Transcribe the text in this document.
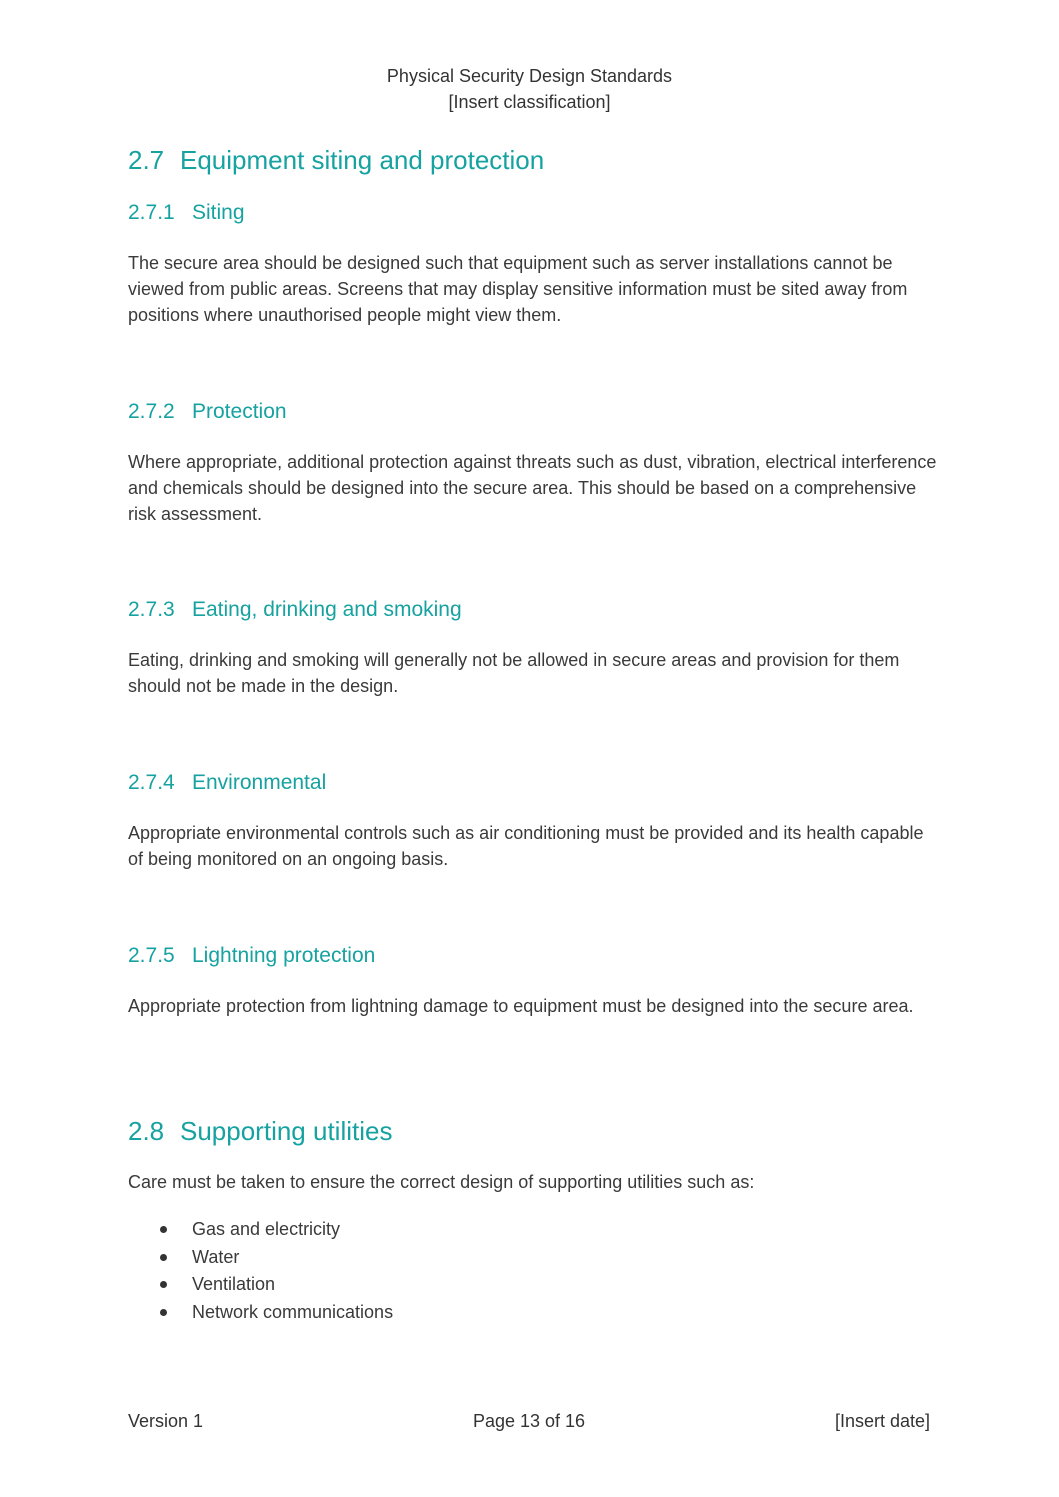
Physical Security Design Standards
[Insert classification]
2.7 Equipment siting and protection
2.7.1 Siting

The secure area should be designed such that equipment such as server installations cannot be viewed from public areas. Screens that may display sensitive information must be sited away from positions where unauthorised people might view them.

2.7.2 Protection

Where appropriate, additional protection against threats such as dust, vibration, electrical interference and chemicals should be designed into the secure area. This should be based on a comprehensive risk assessment.

2.7.3 Eating, drinking and smoking

Eating, drinking and smoking will generally not be allowed in secure areas and provision for them should not be made in the design.

2.7.4 Environmental

Appropriate environmental controls such as air conditioning must be provided and its health capable of being monitored on an ongoing basis.

2.7.5 Lightning protection

Appropriate protection from lightning damage to equipment must be designed into the secure area.

2.8 Supporting utilities

Care must be taken to ensure the correct design of supporting utilities such as:

Gas and electricity
Water
Ventilation
Network communications
Version 1	Page 13 of 16	[Insert date]
